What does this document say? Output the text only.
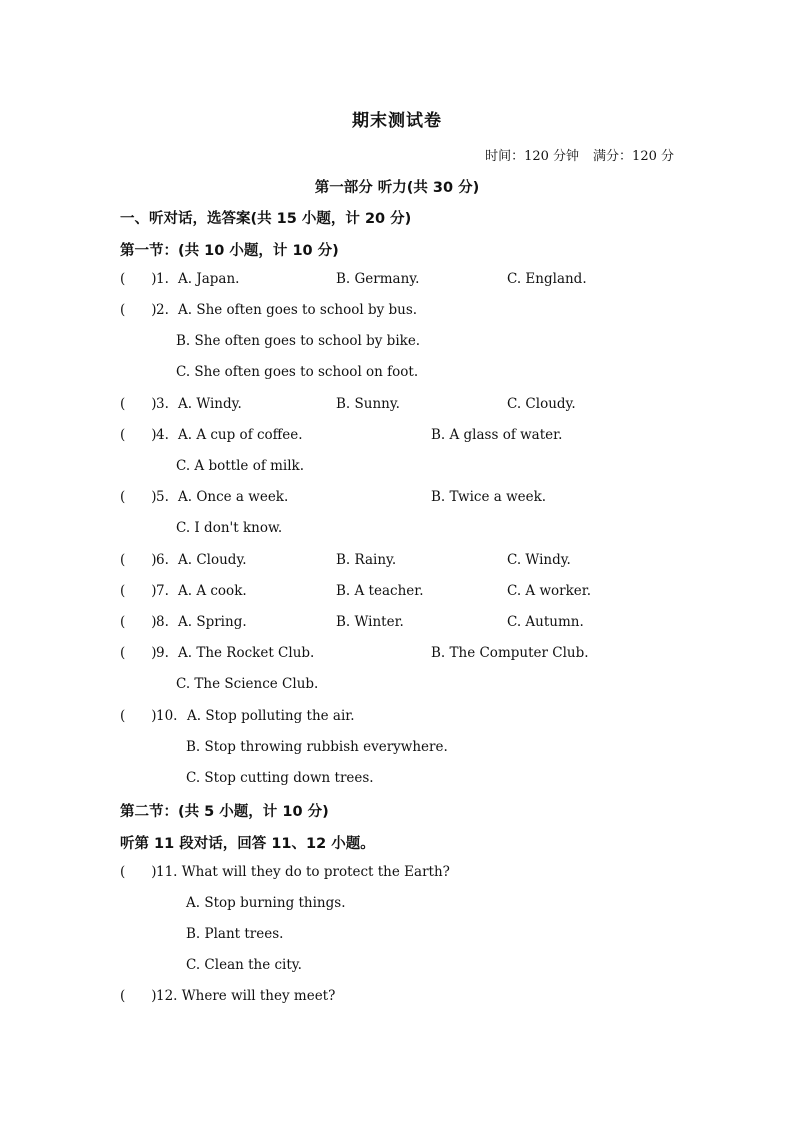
期末测试卷
时间：120 分钟 满分：120 分
第一部分 听力(共 30 分)
一、听对话，选答案(共 15 小题，计 20 分)
第一节：(共 10 小题，计 10 分)
( )1. A. Japan.	B. Germany.	C. England.
( )2. A. She often goes to school by bus.
B. She often goes to school by bike.
C. She often goes to school on foot.
( )3. A. Windy.	B. Sunny.	C. Cloudy.
( )4. A. A cup of coffee.	B. A glass of water.
C. A bottle of milk.
( )5. A. Once a week.	B. Twice a week.
C. I don't know.
( )6. A. Cloudy.	B. Rainy.	C. Windy.
( )7. A. A cook.	B. A teacher.	C. A worker.
( )8. A. Spring.	B. Winter.	C. Autumn.
( )9. A. The Rocket Club.	B. The Computer Club.
C. The Science Club.
( )10. A. Stop polluting the air.
B. Stop throwing rubbish everywhere.
C. Stop cutting down trees.
第二节：(共 5 小题，计 10 分)
听第 11 段对话，回答 11、12 小题。
( )11. What will they do to protect the Earth?
A. Stop burning things.
B. Plant trees.
C. Clean the city.
( )12. Where will they meet?
